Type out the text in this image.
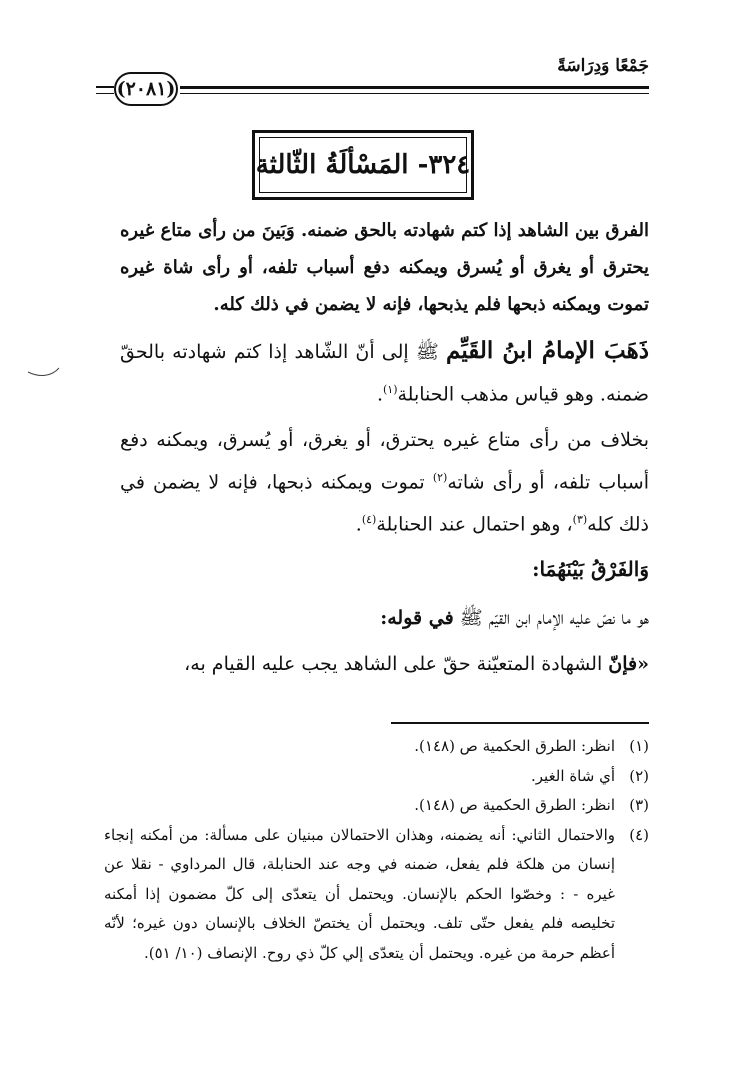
جَمْعًا وَدِرَاسَةً
(٢٠٨١)
٣٢٤- المَسْألَةُ الثّالثة
الفرق بين الشاهد إذا كتم شهادته بالحق ضمنه. وَبَينَ من رأى متاع غيره يحترق أو يغرق أو يُسرق ويمكنه دفع أسباب تلفه، أو رأى شاة غيره تموت ويمكنه ذبحها فلم يذبحها، فإنه لا يضمن في ذلك كله.
ذَهَبَ الإمامُ ابنُ القَيِّم ﷺ إلى أنّ الشّاهد إذا كتم شهادته بالحقّ ضمنه. وهو قياس مذهب الحنابلة$^{(١)}$.
بخلاف من رأى متاع غيره يحترق، أو يغرق، أو يُسرق، ويمكنه دفع أسباب تلفه، أو رأى شاته$^{(٢)}$ تموت ويمكنه ذبحها، فإنه لا يضمن في ذلك كله$^{(٣)}$، وهو احتمال عند الحنابلة$^{(٤)}$.
وَالفَرْقُ بَيْنَهُمَا:
هو ما نصّ عليه الإمام ابن القيّم ﷺ في قوله:
«فإنّ الشهادة المتعيّنة حقّ على الشاهد يجب عليه القيام به،
(١)
انظر: الطرق الحكمية ص (١٤٨).
(٢)
أي شاة الغير.
(٣)
انظر: الطرق الحكمية ص (١٤٨).
(٤)
والاحتمال الثاني: أنه يضمنه، وهذان الاحتمالان مبنيان على مسألة: من أمكنه إنجاء إنسان من هلكة فلم يفعل، ضمنه في وجه عند الحنابلة، قال المرداوي - نقلا عن غيره - : وخصّوا الحكم بالإنسان. ويحتمل أن يتعدّى إلى كلّ مضمون إذا أمكنه تخليصه فلم يفعل حتّى تلف. ويحتمل أن يختصّ الخلاف بالإنسان دون غيره؛ لأنّه أعظم حرمة من غيره. ويحتمل أن يتعدّى إلي كلّ ذي روح. الإنصاف (١٠/ ٥١).
